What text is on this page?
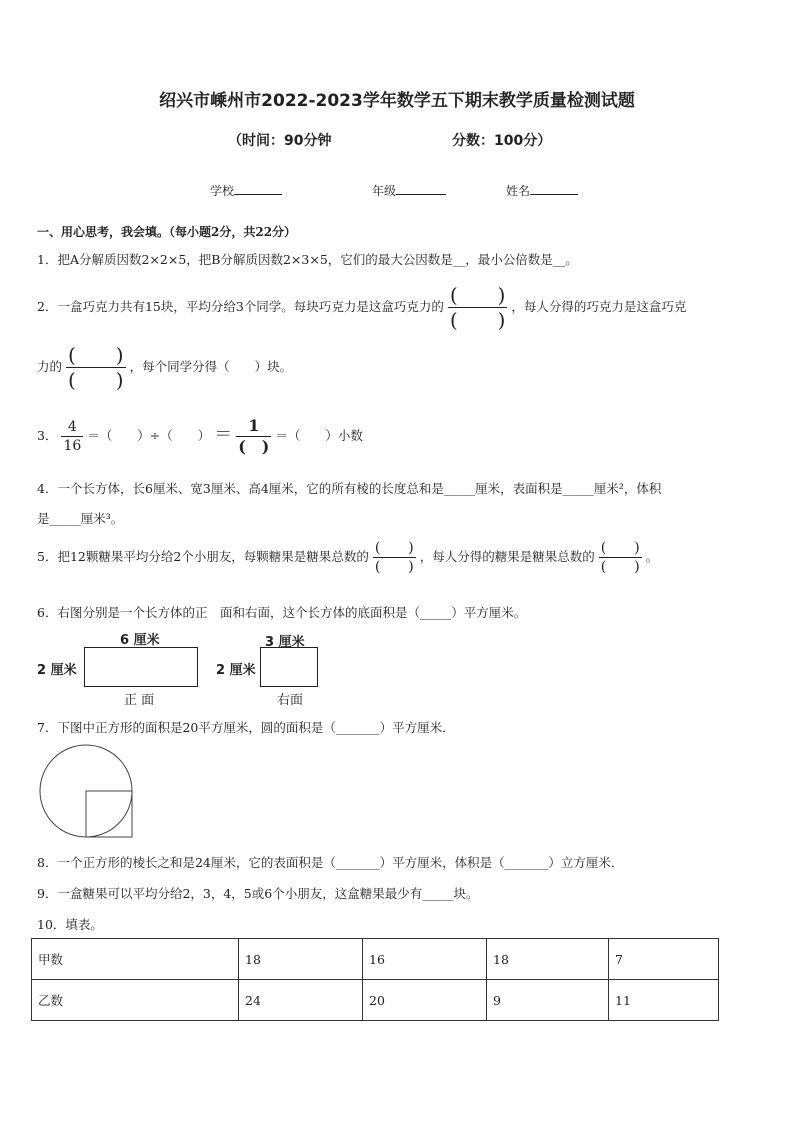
绍兴市嵊州市2022-2023学年数学五下期末教学质量检测试题
（时间：90分钟	分数：100分）
学校	年级	姓名
一、用心思考，我会填。（每小题2分，共22分）
1．把A分解质因数2×2×5，把B分解质因数2×3×5，它们的最大公因数是__，最小公倍数是__。
2．一盒巧克力共有15块，平均分给3个同学。每块巧克力是这盒巧克力的 $\frac{( )}{( )}$ ，每人分得的巧克力是这盒巧克
力的 $\frac{( )}{( )}$ ，每个同学分得（　　）块。
3． $\frac{4}{16}$ ＝（　　）÷（　　） ＝ $\frac{1}{( )}$ ＝（　　）小数
4．一个长方体，长6厘米、宽3厘米、高4厘米，它的所有棱的长度总和是_____厘米，表面积是_____厘米²，体积
是_____厘米³。
5．把12颗糖果平均分给2个小朋友，每颗糖果是糖果总数的 $\frac{( )}{( )}$ ，每人分得的糖果是糖果总数的 $\frac{( )}{( )}$ 。
6．右图分别是一个长方体的正　面和右面，这个长方体的底面积是（_____）平方厘米。
6 厘米
2 厘米
正 面
3 厘米
2 厘米
右面
7．下图中正方形的面积是20平方厘米，圆的面积是（_______）平方厘米．
8．一个正方形的棱长之和是24厘米，它的表面积是（_______）平方厘米，体积是（_______）立方厘米．
9．一盒糖果可以平均分给2，3，4，5或6个小朋友，这盒糖果最少有_____块。
10．填表。
甲数	18	16	18	7
乙数	24	20	9	11
